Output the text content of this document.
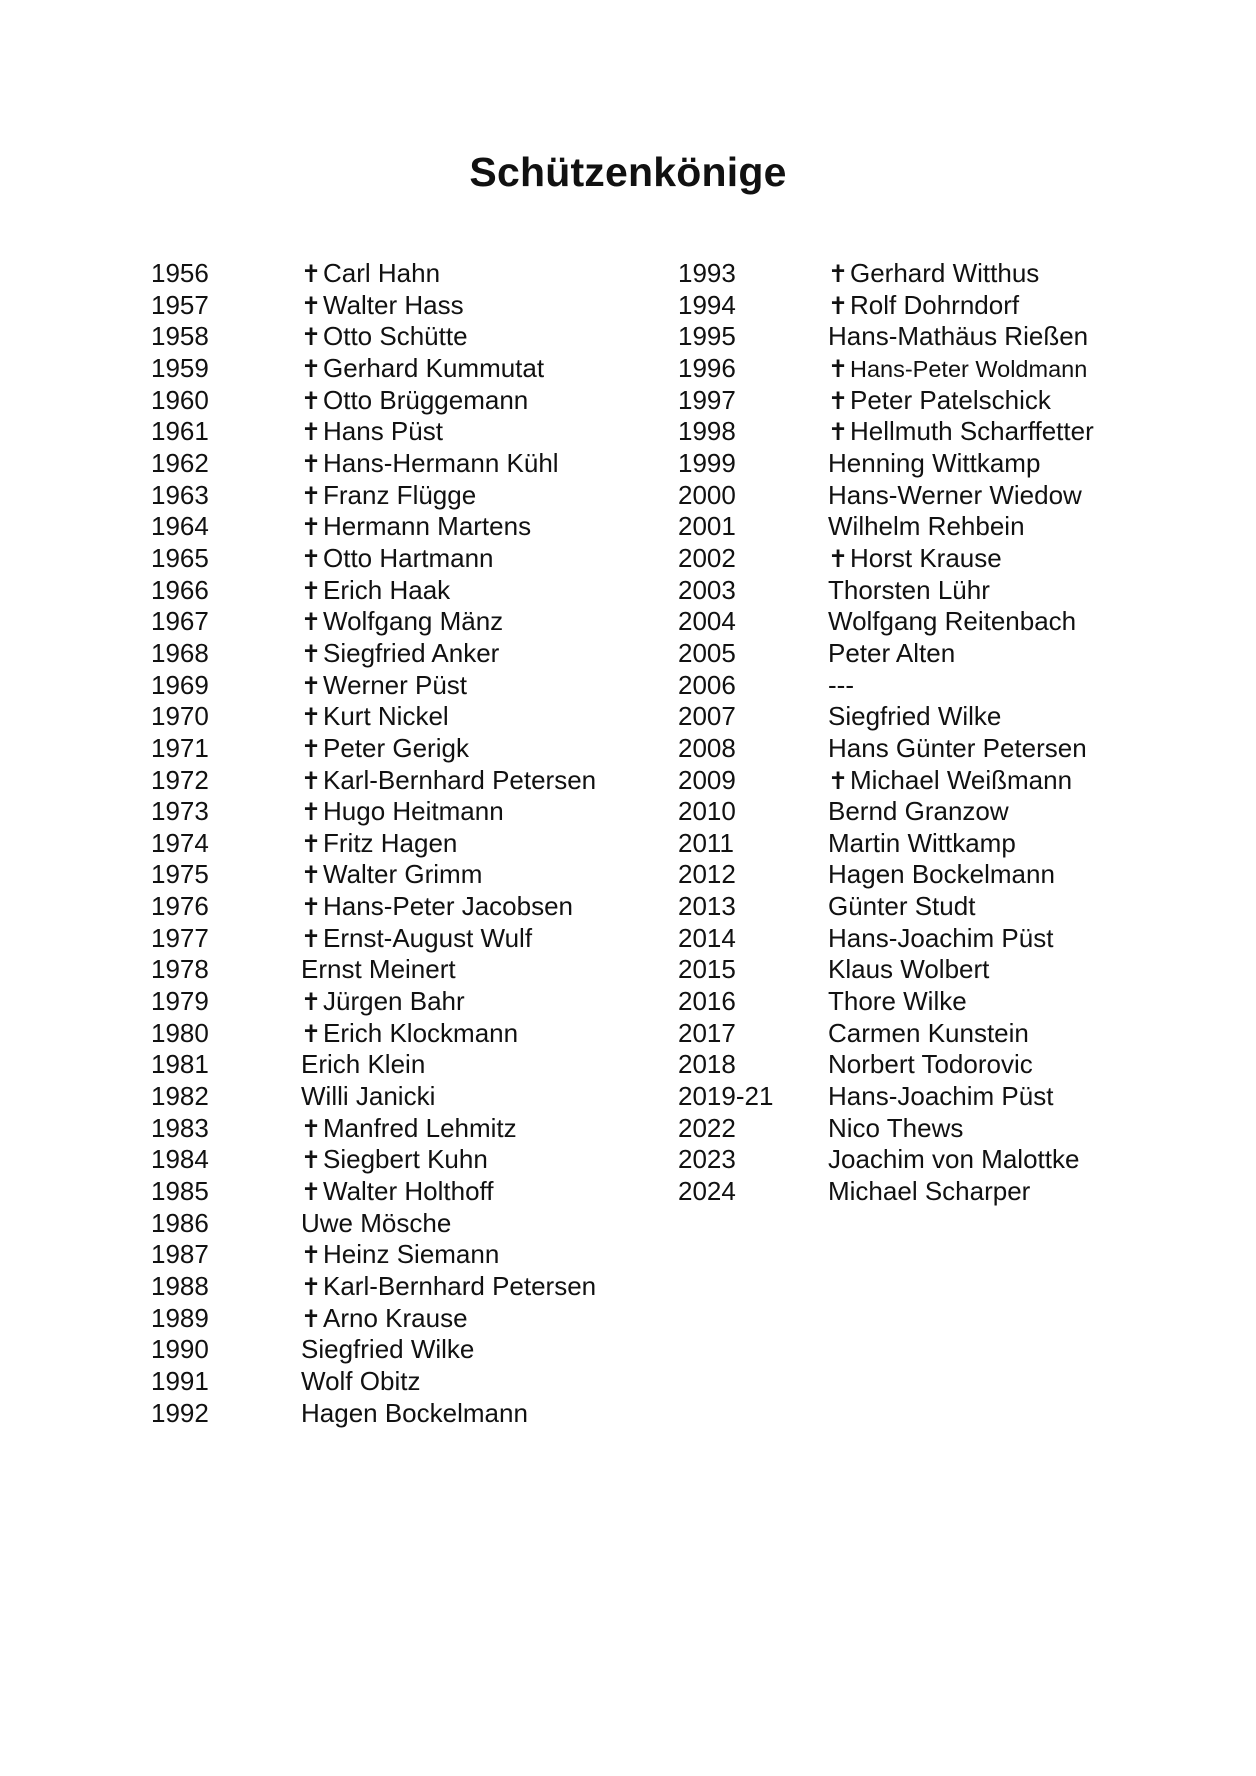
Schützenkönige
1956	✝Carl Hahn
1957	✝Walter Hass
1958	✝Otto Schütte
1959	✝Gerhard Kummutat
1960	✝Otto Brüggemann
1961	✝Hans Püst
1962	✝Hans-Hermann Kühl
1963	✝Franz Flügge
1964	✝Hermann Martens
1965	✝Otto Hartmann
1966	✝Erich Haak
1967	✝Wolfgang Mänz
1968	✝Siegfried Anker
1969	✝Werner Püst
1970	✝Kurt Nickel
1971	✝Peter Gerigk
1972	✝Karl-Bernhard Petersen
1973	✝Hugo Heitmann
1974	✝Fritz Hagen
1975	✝Walter Grimm
1976	✝Hans-Peter Jacobsen
1977	✝Ernst-August Wulf
1978	Ernst Meinert
1979	✝Jürgen Bahr
1980	✝Erich Klockmann
1981	Erich Klein
1982	Willi Janicki
1983	✝Manfred Lehmitz
1984	✝Siegbert Kuhn
1985	✝Walter Holthoff
1986	Uwe Mösche
1987	✝Heinz Siemann
1988	✝Karl-Bernhard Petersen
1989	✝Arno Krause
1990	Siegfried Wilke
1991	Wolf Obitz
1992	Hagen Bockelmann
1993	✝Gerhard Witthus
1994	✝Rolf Dohrndorf
1995	Hans-Mathäus Rießen
1996	✝Hans-Peter Woldmann
1997	✝Peter Patelschick
1998	✝Hellmuth Scharffetter
1999	Henning Wittkamp
2000	Hans-Werner Wiedow
2001	Wilhelm Rehbein
2002	✝Horst Krause
2003	Thorsten Lühr
2004	Wolfgang Reitenbach
2005	Peter Alten
2006	---
2007	Siegfried Wilke
2008	Hans Günter Petersen
2009	✝Michael Weißmann
2010	Bernd Granzow
2011	Martin Wittkamp
2012	Hagen Bockelmann
2013	Günter Studt
2014	Hans-Joachim Püst
2015	Klaus Wolbert
2016	Thore Wilke
2017	Carmen Kunstein
2018	Norbert Todorovic
2019-21 Hans-Joachim Püst
2022	Nico Thews
2023	Joachim von Malottke
2024	Michael Scharper
